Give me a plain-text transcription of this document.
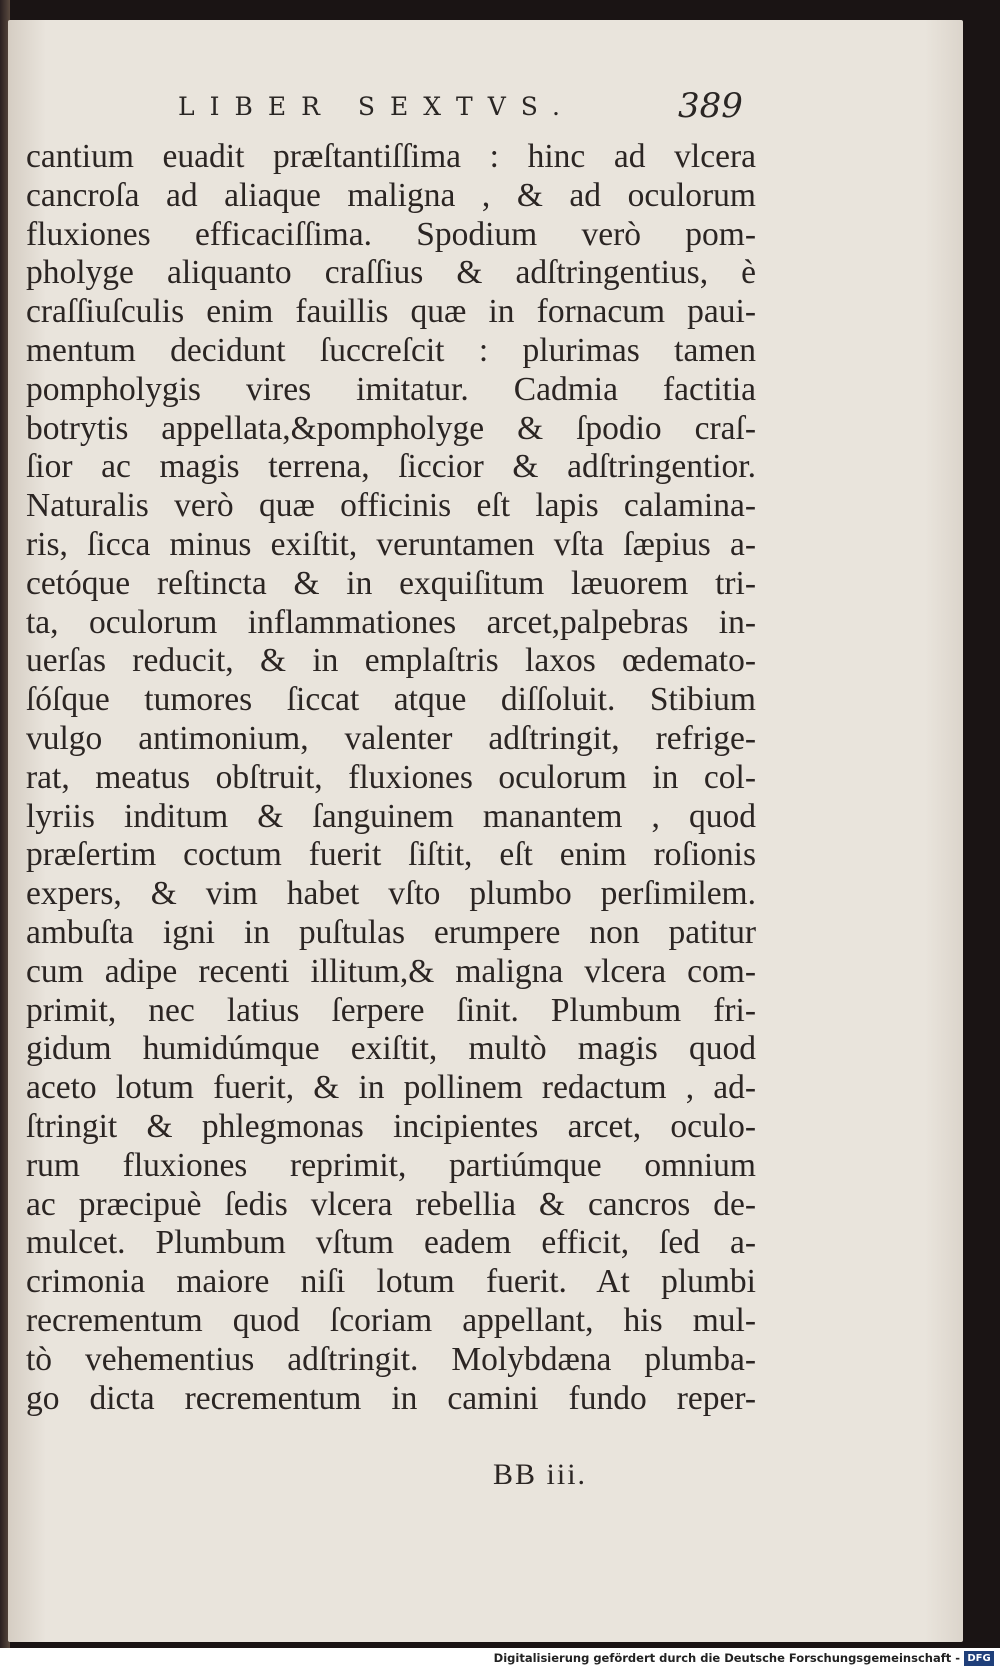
LIBER SEXTVS.	389
cantium euadit præſtantiſſima : hinc ad vlcera
cancroſa ad aliaque maligna , & ad oculorum
fluxiones efficaciſſima. Spodium verò pom-
pholyge aliquanto craſſius & adſtringentius, è
craſſiuſculis enim fauillis quæ in fornacum paui-
mentum decidunt ſuccreſcit : plurimas tamen
pompholygis vires imitatur. Cadmia factitia
botrytis appellata,&pompholyge & ſpodio craſ-
ſior ac magis terrena, ſiccior & adſtringentior.
Naturalis verò quæ officinis eſt lapis calamina-
ris, ſicca minus exiſtit, veruntamen vſta ſæpius a-
cetóque reſtincta & in exquiſitum læuorem tri-
ta, oculorum inflammationes arcet,palpebras in-
uerſas reducit, & in emplaſtris laxos œdemato-
ſóſque tumores ſiccat atque diſſoluit. Stibium
vulgo antimonium, valenter adſtringit, refrige-
rat, meatus obſtruit, fluxiones oculorum in col-
lyriis inditum & ſanguinem manantem , quod
præſertim coctum fuerit ſiſtit, eſt enim roſionis
expers, & vim habet vſto plumbo perſimilem.
ambuſta igni in puſtulas erumpere non patitur
cum adipe recenti illitum,& maligna vlcera com-
primit, nec latius ſerpere ſinit. Plumbum fri-
gidum humidúmque exiſtit, multò magis quod
aceto lotum fuerit, & in pollinem redactum , ad-
ſtringit & phlegmonas incipientes arcet, oculo-
rum fluxiones reprimit, partiúmque omnium
ac præcipuè ſedis vlcera rebellia & cancros de-
mulcet. Plumbum vſtum eadem efficit, ſed a-
crimonia maiore niſi lotum fuerit. At plumbi
recrementum quod ſcoriam appellant, his mul-
tò vehementius adſtringit. Molybdæna plumba-
go dicta recrementum in camini fundo reper-
BB iii.
Digitalisierung gefördert durch die Deutsche Forschungsgemeinschaft - DFG
